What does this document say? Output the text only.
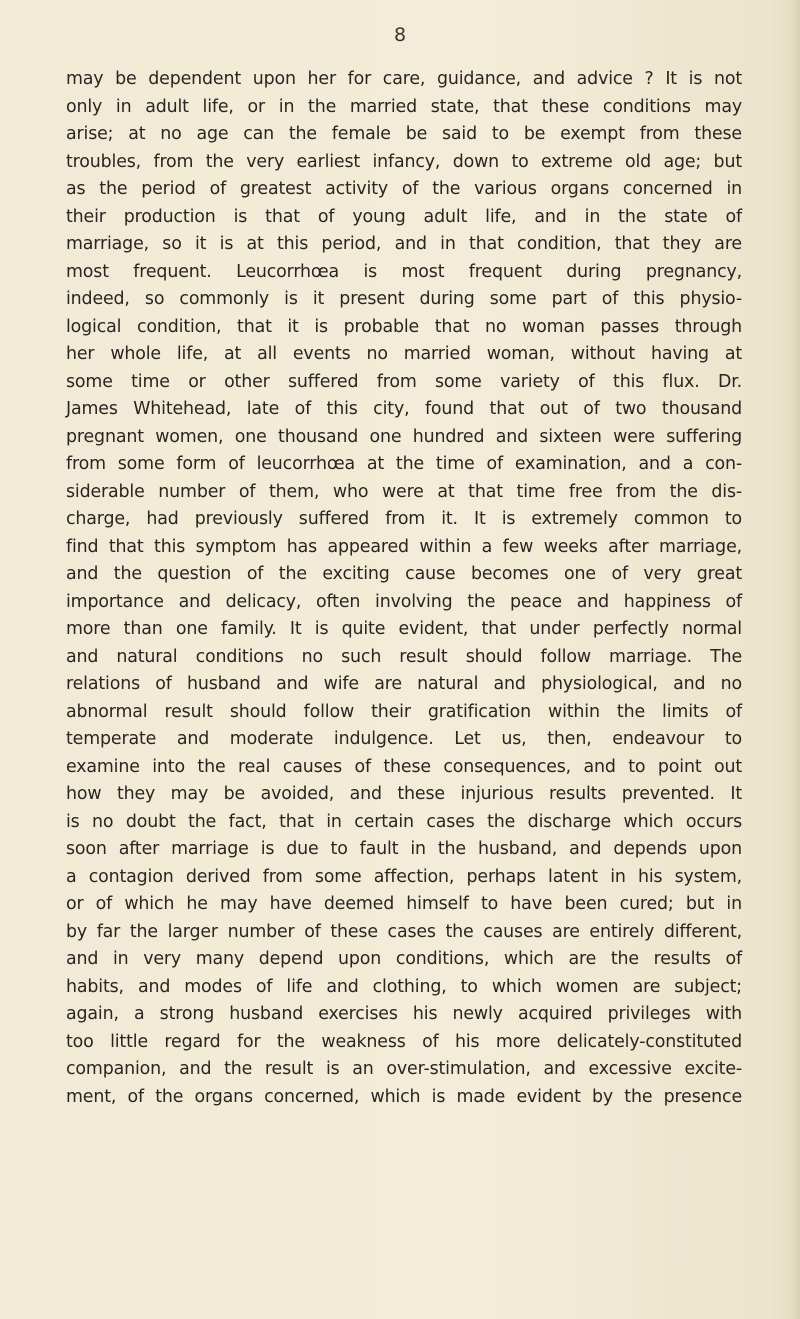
8
may be dependent upon her for care, guidance, and advice ? It is not
only in adult life, or in the married state, that these conditions may
arise; at no age can the female be said to be exempt from these
troubles, from the very earliest infancy, down to extreme old age; but
as the period of greatest activity of the various organs concerned in
their production is that of young adult life, and in the state of
marriage, so it is at this period, and in that condition, that they are
most frequent. Leucorrhœa is most frequent during pregnancy,
indeed, so commonly is it present during some part of this physio-
logical condition, that it is probable that no woman passes through
her whole life, at all events no married woman, without having at
some time or other suffered from some variety of this flux. Dr.
James Whitehead, late of this city, found that out of two thousand
pregnant women, one thousand one hundred and sixteen were suffering
from some form of leucorrhœa at the time of examination, and a con-
siderable number of them, who were at that time free from the dis-
charge, had previously suffered from it. It is extremely common to
find that this symptom has appeared within a few weeks after marriage,
and the question of the exciting cause becomes one of very great
importance and delicacy, often involving the peace and happiness of
more than one family. It is quite evident, that under perfectly normal
and natural conditions no such result should follow marriage. The
relations of husband and wife are natural and physiological, and no
abnormal result should follow their gratification within the limits of
temperate and moderate indulgence. Let us, then, endeavour to
examine into the real causes of these consequences, and to point out
how they may be avoided, and these injurious results prevented. It
is no doubt the fact, that in certain cases the discharge which occurs
soon after marriage is due to fault in the husband, and depends upon
a contagion derived from some affection, perhaps latent in his system,
or of which he may have deemed himself to have been cured; but in
by far the larger number of these cases the causes are entirely different,
and in very many depend upon conditions, which are the results of
habits, and modes of life and clothing, to which women are subject;
again, a strong husband exercises his newly acquired privileges with
too little regard for the weakness of his more delicately-constituted
companion, and the result is an over-stimulation, and excessive excite-
ment, of the organs concerned, which is made evident by the presence
